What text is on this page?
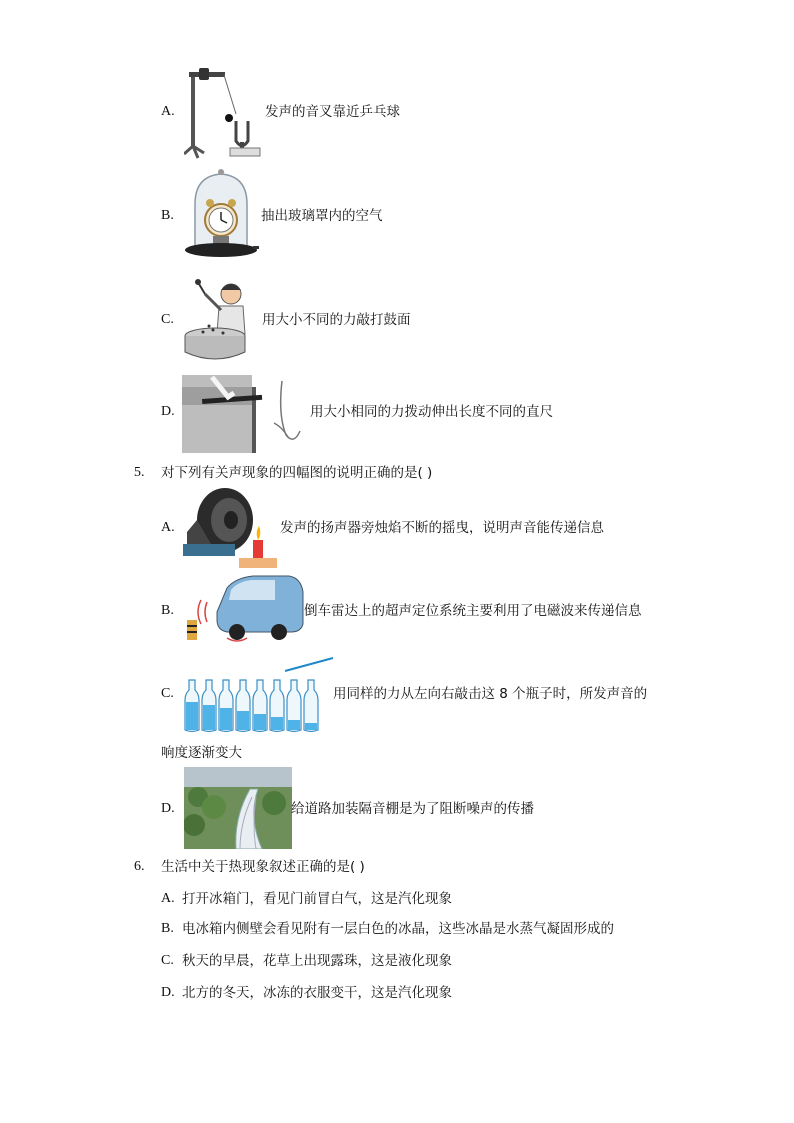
A.	发声的音叉靠近乒乓球
B.	抽出玻璃罩内的空气
C.	用大小不同的力敲打鼓面
D.	用大小相同的力拨动伸出长度不同的直尺
5. 对下列有关声现象的四幅图的说明正确的是( )
A.	发声的扬声器旁烛焰不断的摇曳，说明声音能传递信息
B.	倒车雷达上的超声定位系统主要利用了电磁波来传递信息
C.	用同样的力从左向右敲击这 8 个瓶子时，所发声音的
响度逐渐变大
D.	给道路加装隔音棚是为了阻断噪声的传播
6. 生活中关于热现象叙述正确的是( )
A. 打开冰箱门，看见门前冒白气，这是汽化现象
B. 电冰箱内侧壁会看见附有一层白色的冰晶，这些冰晶是水蒸气凝固形成的
C. 秋天的早晨，花草上出现露珠，这是液化现象
D. 北方的冬天，冰冻的衣服变干，这是汽化现象
